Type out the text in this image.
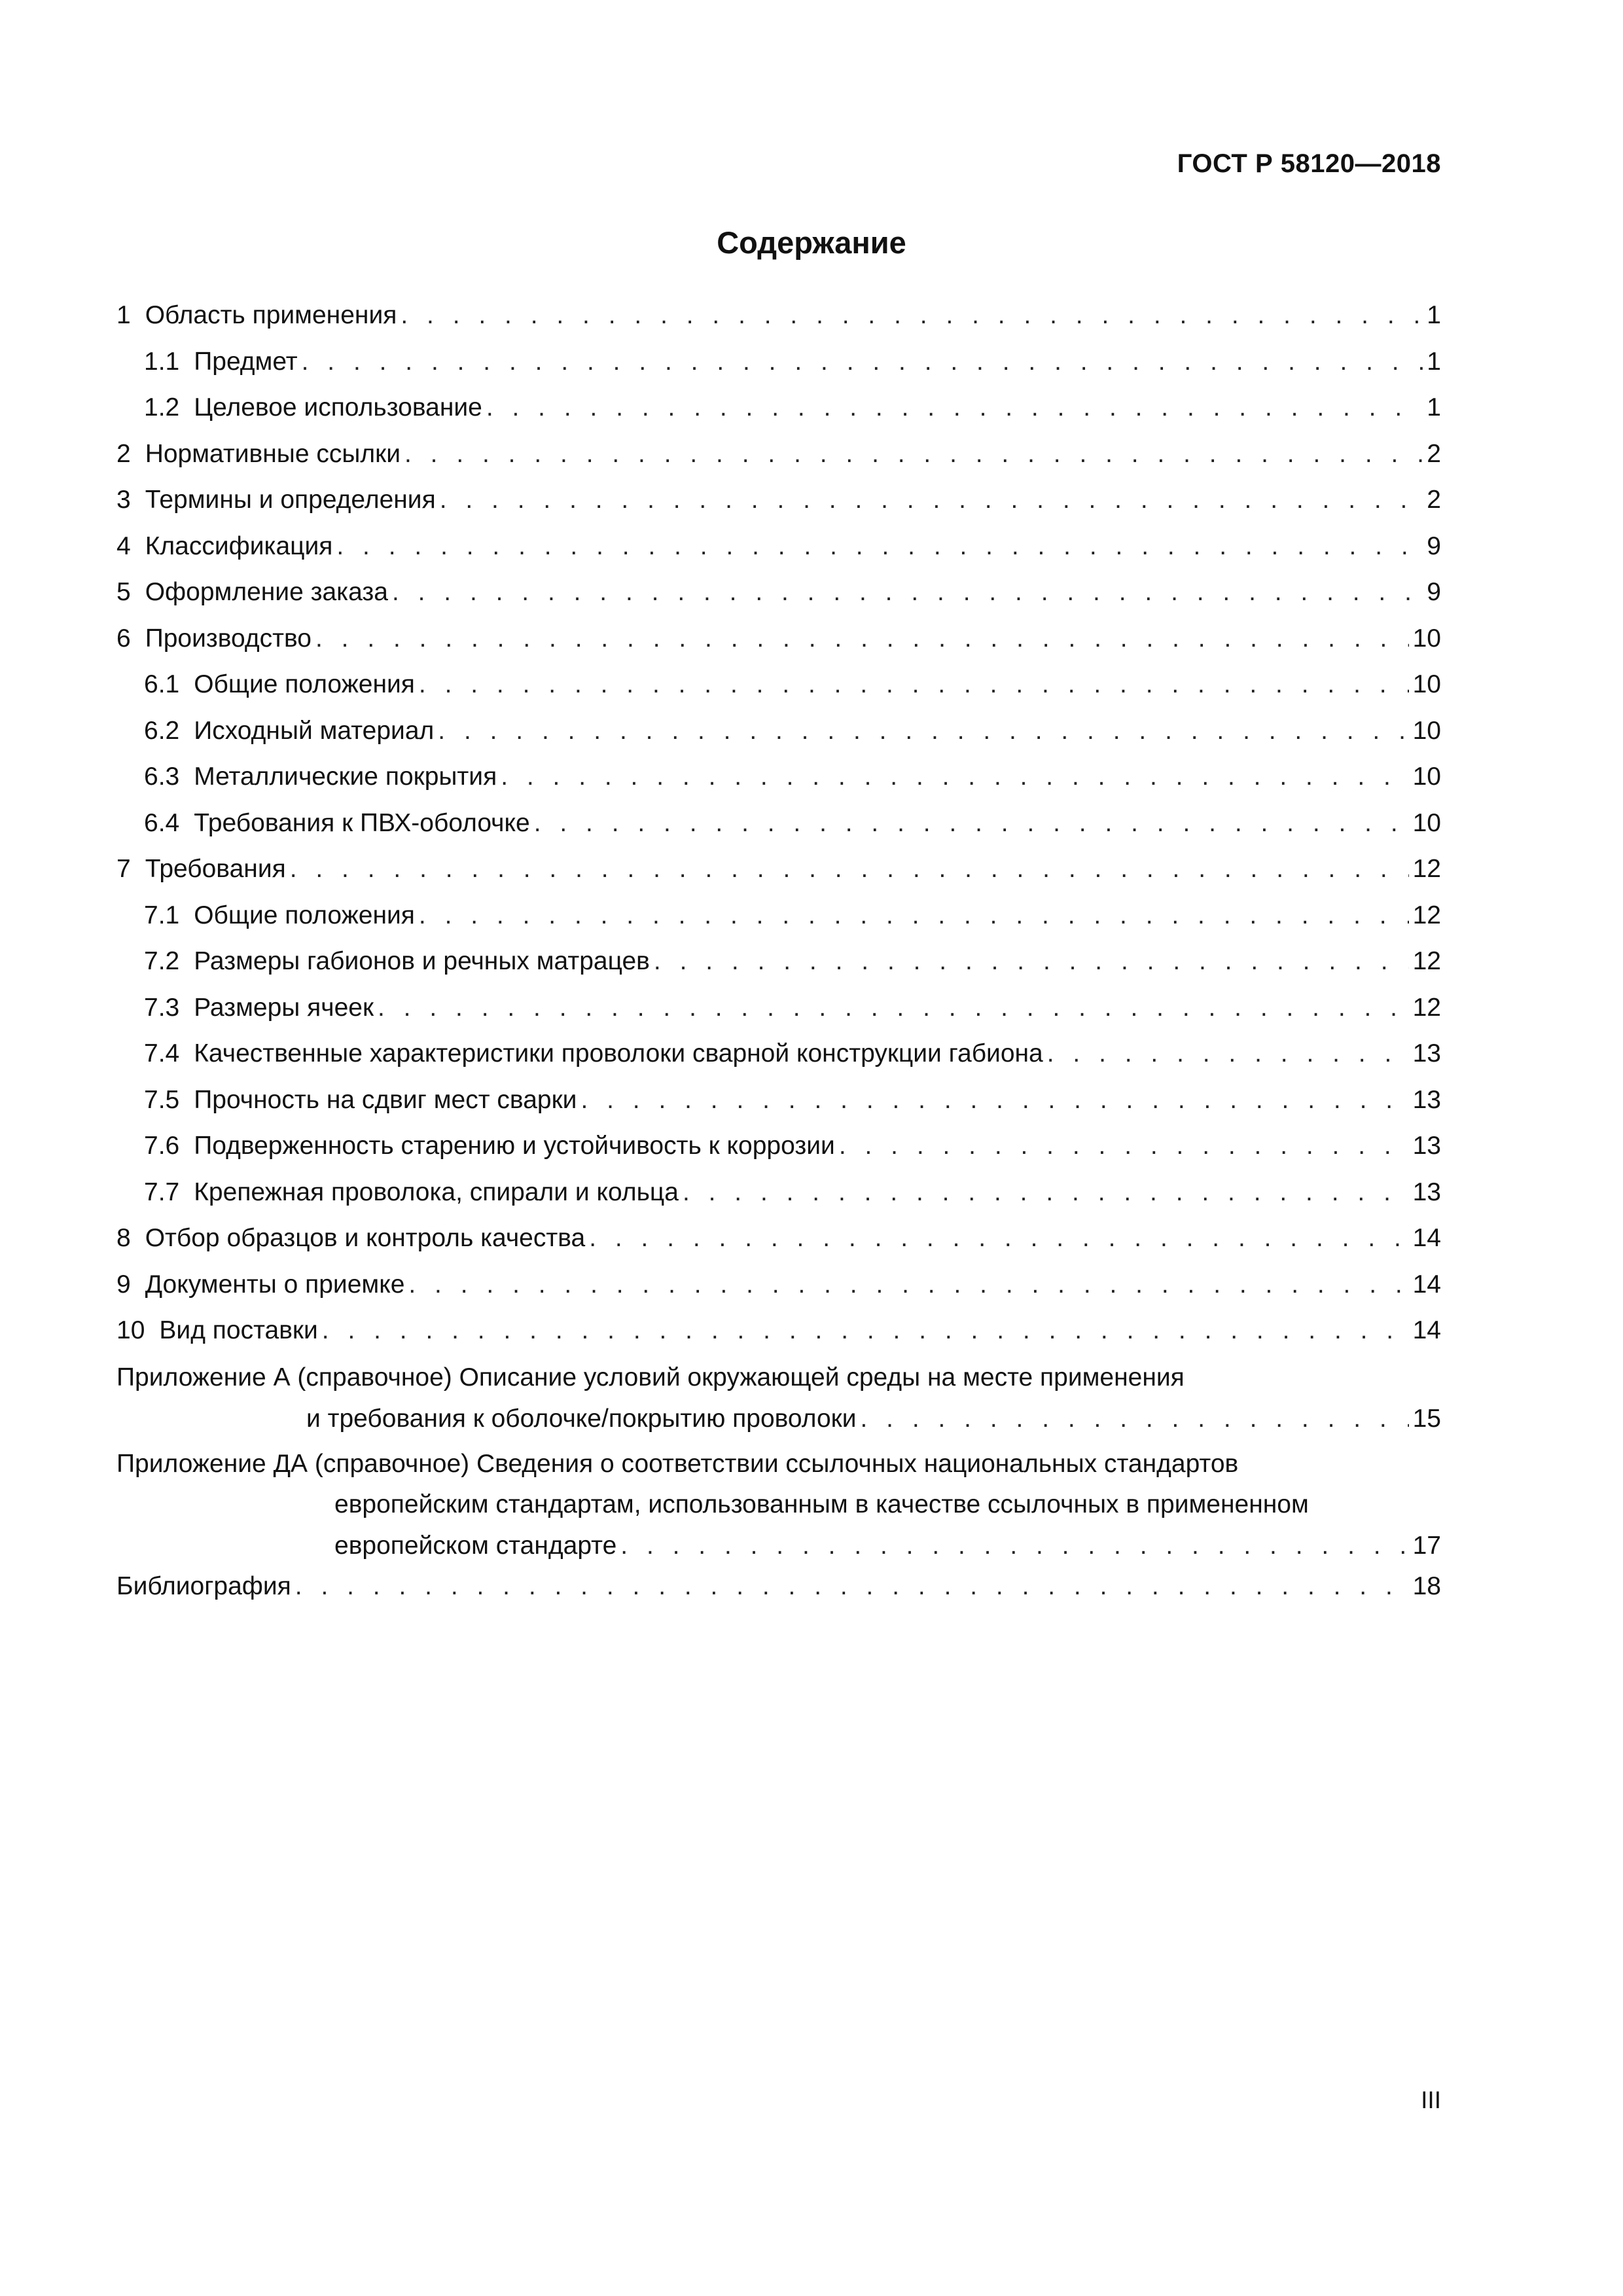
ГОСТ Р 58120—2018
Содержание
1 Область применения . . .	1
1.1 Предмет . . .	1
1.2 Целевое использование . . .	1
2 Нормативные ссылки . . .	2
3 Термины и определения . . .	2
4 Классификация . . .	9
5 Оформление заказа . . .	9
6 Производство . . .	10
6.1 Общие положения . . .	10
6.2 Исходный материал . . .	10
6.3 Металлические покрытия . . .	10
6.4 Требования к ПВХ-оболочке . . .	10
7 Требования . . .	12
7.1 Общие положения . . .	12
7.2 Размеры габионов и речных матрацев . . .	12
7.3 Размеры ячеек . . .	12
7.4 Качественные характеристики проволоки сварной конструкции габиона . . .	13
7.5 Прочность на сдвиг мест сварки . . .	13
7.6 Подверженность старению и устойчивость к коррозии . . .	13
7.7 Крепежная проволока, спирали и кольца . . .	13
8 Отбор образцов и контроль качества . . .	14
9 Документы о приемке . . .	14
10 Вид поставки . . .	14
Приложение А (справочное) Описание условий окружающей среды на месте применения
и требования к оболочке/покрытию проволоки . . .	15
Приложение ДА (справочное) Сведения о соответствии ссылочных национальных стандартов
европейским стандартам, использованным в качестве ссылочных в примененном
европейском стандарте . . .	17
Библиография . . .	18
III
